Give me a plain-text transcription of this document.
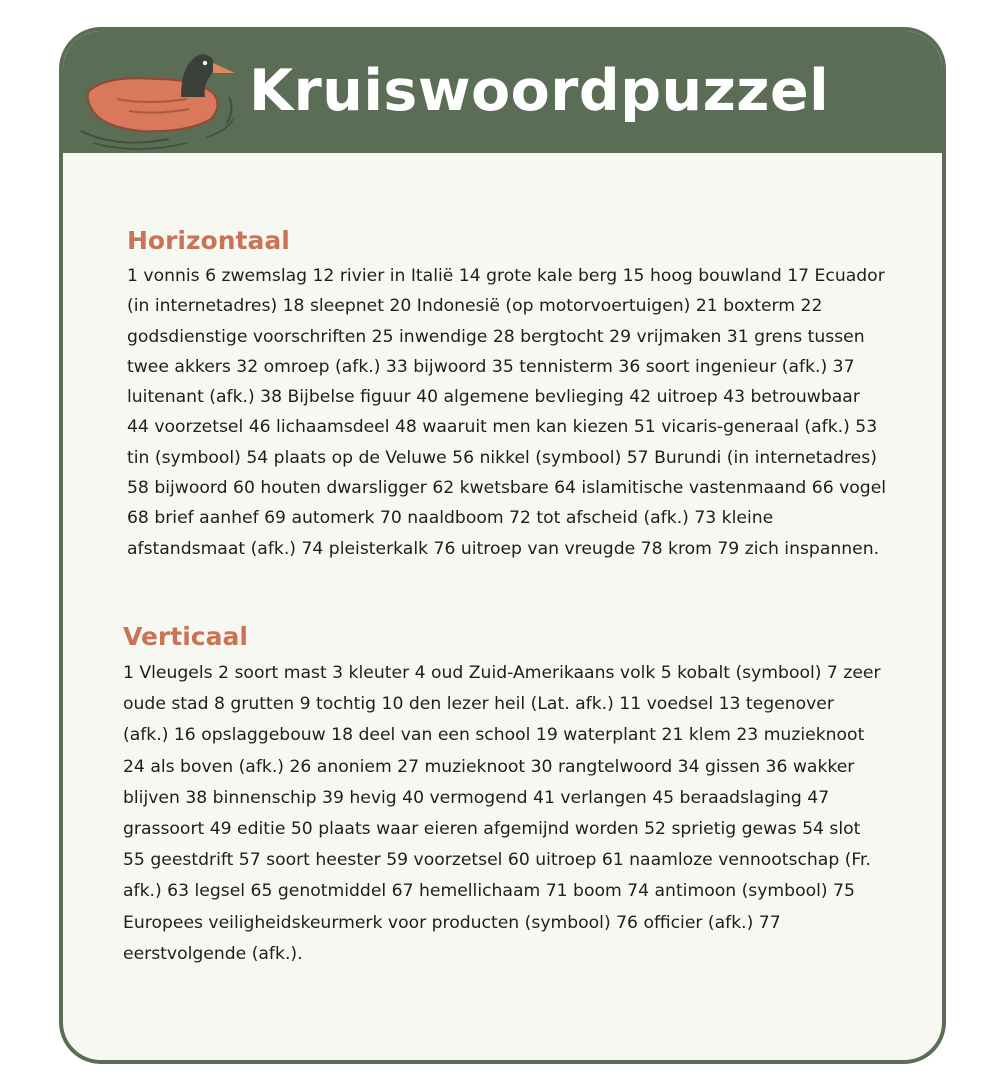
Kruiswoordpuzzel
Horizontaal
1 vonnis 6 zwemslag 12 rivier in Italië 14 grote kale berg 15 hoog bouwland 17 Ecuador (in internetadres) 18 sleepnet 20 Indonesië (op motorvoertuigen) 21 boxterm 22 godsdienstige voorschriften 25 inwendige 28 bergtocht 29 vrijmaken 31 grens tussen twee akkers 32 omroep (afk.) 33 bijwoord 35 tennisterm 36 soort ingenieur (afk.) 37 luitenant (afk.) 38 Bijbelse figuur 40 algemene bevlieging 42 uitroep 43 betrouwbaar 44 voorzetsel 46 lichaamsdeel 48 waaruit men kan kiezen 51 vicaris-generaal (afk.) 53 tin (symbool) 54 plaats op de Veluwe 56 nikkel (symbool) 57 Burundi (in internetadres) 58 bijwoord 60 houten dwarsligger 62 kwetsbare 64 islamitische vastenmaand 66 vogel 68 brief aanhef 69 automerk 70 naaldboom 72 tot afscheid (afk.) 73 kleine afstandsmaat (afk.) 74 pleisterkalk 76 uitroep van vreugde 78 krom 79 zich inspannen.
Verticaal
1 Vleugels 2 soort mast 3 kleuter 4 oud Zuid-Amerikaans volk 5 kobalt (symbool) 7 zeer oude stad 8 grutten 9 tochtig 10 den lezer heil (Lat. afk.) 11 voedsel 13 tegenover (afk.) 16 opslaggebouw 18 deel van een school 19 waterplant 21 klem 23 muzieknoot 24 als boven (afk.) 26 anoniem 27 muzieknoot 30 rangtelwoord 34 gissen 36 wakker blijven 38 binnenschip 39 hevig 40 vermogend 41 verlangen 45 beraadslaging 47 grassoort 49 editie 50 plaats waar eieren afgemijnd worden 52 sprietig gewas 54 slot 55 geestdrift 57 soort heester 59 voorzetsel 60 uitroep 61 naamloze vennootschap (Fr. afk.) 63 legsel 65 genotmiddel 67 hemellichaam 71 boom 74 antimoon (symbool) 75 Europees veiligheidskeurmerk voor producten (symbool) 76 officier (afk.) 77 eerstvolgende (afk.).
